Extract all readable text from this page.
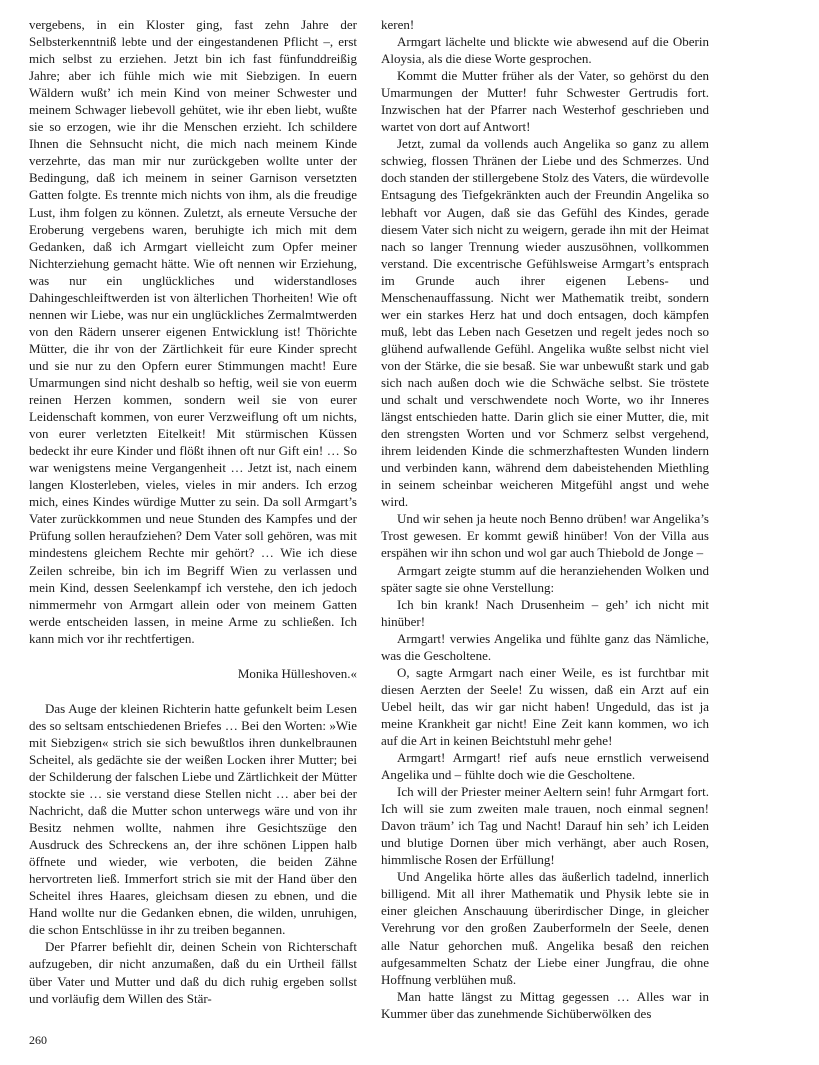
vergebens, in ein Kloster ging, fast zehn Jahre der Selbsterkenntniß lebte und der eingestandenen Pflicht –, erst mich selbst zu erziehen. Jetzt bin ich fast fünfunddreißig Jahre; aber ich fühle mich wie mit Siebzigen. In euern Wäldern wußt’ ich mein Kind von meiner Schwester und meinem Schwager liebevoll gehütet, wie ihr eben liebt, wußte sie so erzogen, wie ihr die Menschen erzieht. Ich schildere Ihnen die Sehnsucht nicht, die mich nach meinem Kinde verzehrte, das man mir nur zurückgeben wollte unter der Bedingung, daß ich meinem in seiner Garnison versetzten Gatten folgte. Es trennte mich nichts von ihm, als die freudige Lust, ihm folgen zu können. Zuletzt, als erneute Versuche der Eroberung vergebens waren, beruhigte ich mich mit dem Gedanken, daß ich Armgart vielleicht zum Opfer meiner Nichterziehung gemacht hätte. Wie oft nennen wir Erziehung, was nur ein unglückliches und widerstandloses Dahingeschleiftwerden ist von älterlichen Thorheiten! Wie oft nennen wir Liebe, was nur ein unglückliches Zermalmtwerden von den Rädern unserer eigenen Entwicklung ist! Thörichte Mütter, die ihr von der Zärtlichkeit für eure Kinder sprecht und sie nur zu den Opfern eurer Stimmungen macht! Eure Umarmungen sind nicht deshalb so heftig, weil sie von euerm reinen Herzen kommen, sondern weil sie von eurer Leidenschaft kommen, von eurer Verzweiflung oft um nichts, von eurer verletzten Eitelkeit! Mit stürmischen Küssen bedeckt ihr eure Kinder und flößt ihnen oft nur Gift ein! … So war wenigstens meine Vergangenheit … Jetzt ist, nach einem langen Klosterleben, vieles, vieles in mir anders. Ich erzog mich, eines Kindes würdige Mutter zu sein. Da soll Armgart’s Vater zurückkommen und neue Stunden des Kampfes und der Prüfung sollen heraufziehen? Dem Vater soll gehören, was mit mindestens gleichem Rechte mir gehört? … Wie ich diese Zeilen schreibe, bin ich im Begriff Wien zu verlassen und mein Kind, dessen Seelenkampf ich verstehe, den ich jedoch nimmermehr von Armgart allein oder von meinem Gatten werde entscheiden lassen, in meine Arme zu schließen. Ich kann mich vor ihr rechtfertigen.

Monika Hülleshoven.«

Das Auge der kleinen Richterin hatte gefunkelt beim Lesen des so seltsam entschiedenen Briefes … Bei den Worten: »Wie mit Siebzigen« strich sie sich bewußtlos ihren dunkelbraunen Scheitel, als gedächte sie der weißen Locken ihrer Mutter; bei der Schilderung der falschen Liebe und Zärtlichkeit der Mütter stockte sie … sie verstand diese Stellen nicht … aber bei der Nachricht, daß die Mutter schon unterwegs wäre und von ihr Besitz nehmen wollte, nahmen ihre Gesichtszüge den Ausdruck des Schreckens an, der ihre schönen Lippen halb öffnete und wieder, wie verboten, die beiden Zähne hervortreten ließ. Immerfort strich sie mit der Hand über den Scheitel ihres Haares, gleichsam diesen zu ebnen, und die Hand wollte nur die Gedanken ebnen, die wilden, unruhigen, die schon Entschlüsse in ihr zu treiben begannen.

Der Pfarrer befiehlt dir, deinen Schein von Richterschaft aufzugeben, dir nicht anzumaßen, daß du ein Urtheil fällst über Vater und Mutter und daß du dich ruhig ergeben sollst und vorläufig dem Willen des Stär-

keren!

Armgart lächelte und blickte wie abwesend auf die Oberin Aloysia, als die diese Worte gesprochen.

Kommt die Mutter früher als der Vater, so gehörst du den Umarmungen der Mutter! fuhr Schwester Gertrudis fort. Inzwischen hat der Pfarrer nach Westerhof geschrieben und wartet von dort auf Antwort!

Jetzt, zumal da vollends auch Angelika so ganz zu allem schwieg, flossen Thränen der Liebe und des Schmerzes. Und doch standen der stillergebene Stolz des Vaters, die würdevolle Entsagung des Tiefgekränkten auch der Freundin Angelika so lebhaft vor Augen, daß sie das Gefühl des Kindes, gerade diesem Vater sich nicht zu weigern, gerade ihn mit der Heimat nach so langer Trennung wieder auszusöhnen, vollkommen verstand. Die excentrische Gefühlsweise Armgart’s entsprach im Grunde auch ihrer eigenen Lebens- und Menschenauffassung. Nicht wer Mathematik treibt, sondern wer ein starkes Herz hat und doch entsagen, doch kämpfen muß, lebt das Leben nach Gesetzen und regelt jedes noch so glühend aufwallende Gefühl. Angelika wußte selbst nicht viel von der Stärke, die sie besaß. Sie war unbewußt stark und gab sich nach außen doch wie die Schwäche selbst. Sie tröstete und schalt und verschwendete noch Worte, wo ihr Inneres längst entschieden hatte. Darin glich sie einer Mutter, die, mit den strengsten Worten und vor Schmerz selbst vergehend, ihrem leidenden Kinde die schmerzhaftesten Wunden lindern und verbinden kann, während dem dabeistehenden Miethling in seinem scheinbar weicheren Mitgefühl angst und wehe wird.

Und wir sehen ja heute noch Benno drüben! war Angelika’s Trost gewesen. Er kommt gewiß hinüber! Von der Villa aus erspähen wir ihn schon und wol gar auch Thiebold de Jonge –

Armgart zeigte stumm auf die heranziehenden Wolken und später sagte sie ohne Verstellung:

Ich bin krank! Nach Drusenheim – geh’ ich nicht mit hinüber!

Armgart! verwies Angelika und fühlte ganz das Nämliche, was die Gescholtene.

O, sagte Armgart nach einer Weile, es ist furchtbar mit diesen Aerzten der Seele! Zu wissen, daß ein Arzt auf ein Uebel heilt, das wir gar nicht haben! Ungeduld, das ist ja meine Krankheit gar nicht! Eine Zeit kann kommen, wo ich auf die Art in keinen Beichtstuhl mehr gehe!

Armgart! Armgart! rief aufs neue ernstlich verweisend Angelika und – fühlte doch wie die Gescholtene.

Ich will der Priester meiner Aeltern sein! fuhr Armgart fort. Ich will sie zum zweiten male trauen, noch einmal segnen! Davon träum’ ich Tag und Nacht! Darauf hin seh’ ich Leiden und blutige Dornen über mich verhängt, aber auch Rosen, himmlische Rosen der Erfüllung!

Und Angelika hörte alles das äußerlich tadelnd, innerlich billigend. Mit all ihrer Mathematik und Physik lebte sie in einer gleichen Anschauung überirdischer Dinge, in gleicher Verehrung vor den großen Zauberformeln der Seele, denen alle Natur gehorchen muß. Angelika besaß den reichen aufgesammelten Schatz der Liebe einer Jungfrau, die ohne Hoffnung verblühen muß.

Man hatte längst zu Mittag gegessen … Alles war in Kummer über das zunehmende Sichüberwölken des

260
